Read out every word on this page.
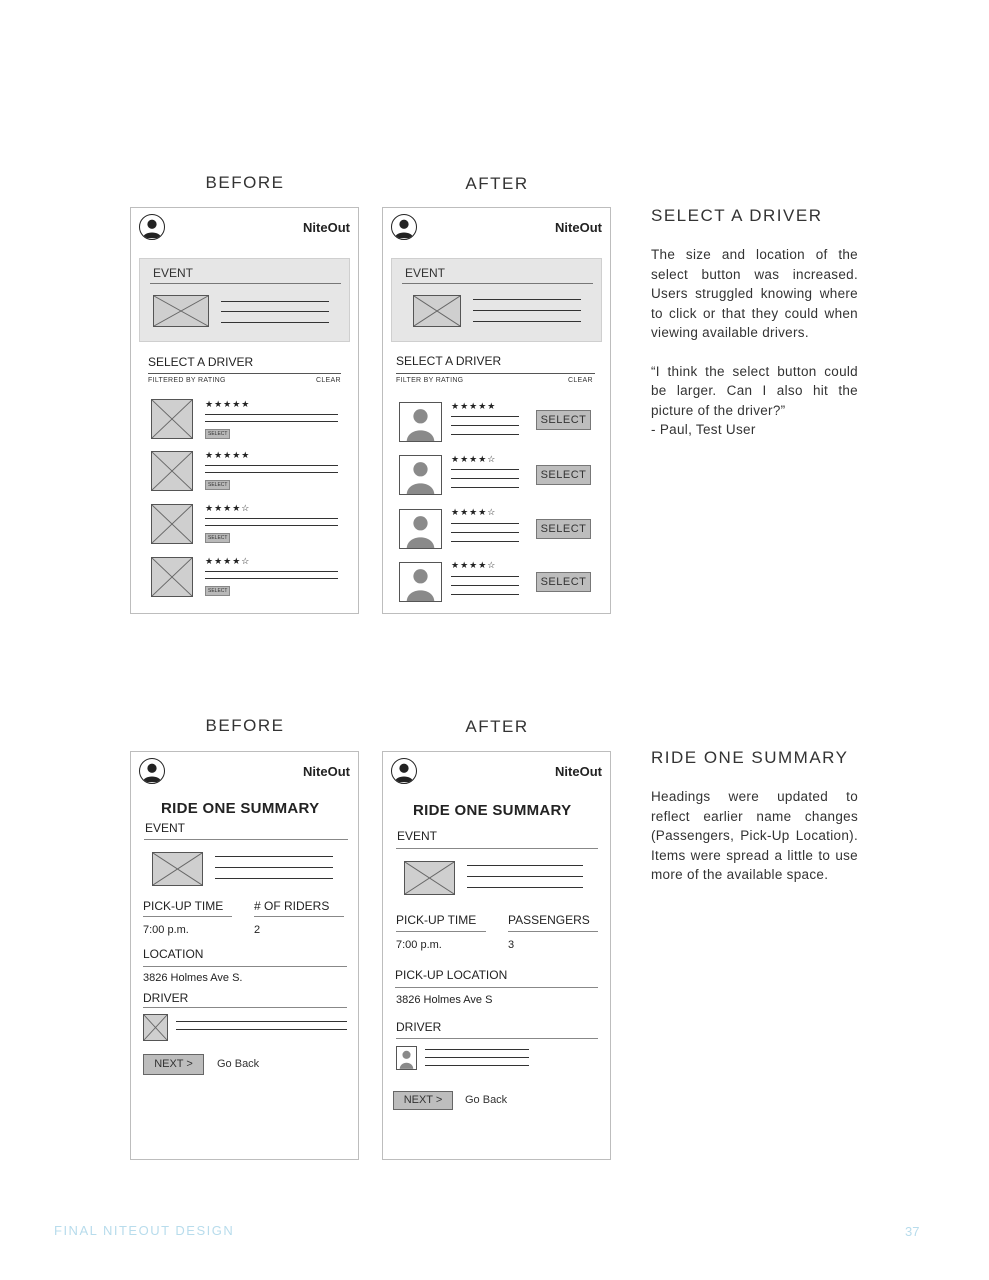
BEFORE	AFTER
NiteOut
EVENT
SELECT A DRIVER
FILTERED BY RATING	CLEAR
★★★★★
SELECT
★★★★★
SELECT
★★★★☆
SELECT
★★★★☆
SELECT
NiteOut
EVENT
SELECT A DRIVER
FILTER BY RATING	CLEAR
★★★★★
SELECT
★★★★☆
SELECT
★★★★☆
SELECT
★★★★☆
SELECT
SELECT A DRIVER

The size and location of the select button was increased. Users struggled knowing where to click or that they could when viewing available drivers.

“I think the select button could be larger. Can I also hit the picture of the driver?”
- Paul, Test User
BEFORE	AFTER
NiteOut
RIDE ONE SUMMARY
EVENT
PICK-UP TIME	# OF RIDERS
7:00 p.m.	2
LOCATION
3826 Holmes Ave S.
DRIVER
NEXT >	Go Back
NiteOut
RIDE ONE SUMMARY
EVENT
PICK-UP TIME	PASSENGERS
7:00 p.m.	3
PICK-UP LOCATION
3826 Holmes Ave S
DRIVER
NEXT >	Go Back
RIDE ONE SUMMARY

Headings were updated to reflect earlier name changes (Passengers, Pick-Up Location). Items were spread a little to use more of the available space.

FINAL NITEOUT DESIGN	37
